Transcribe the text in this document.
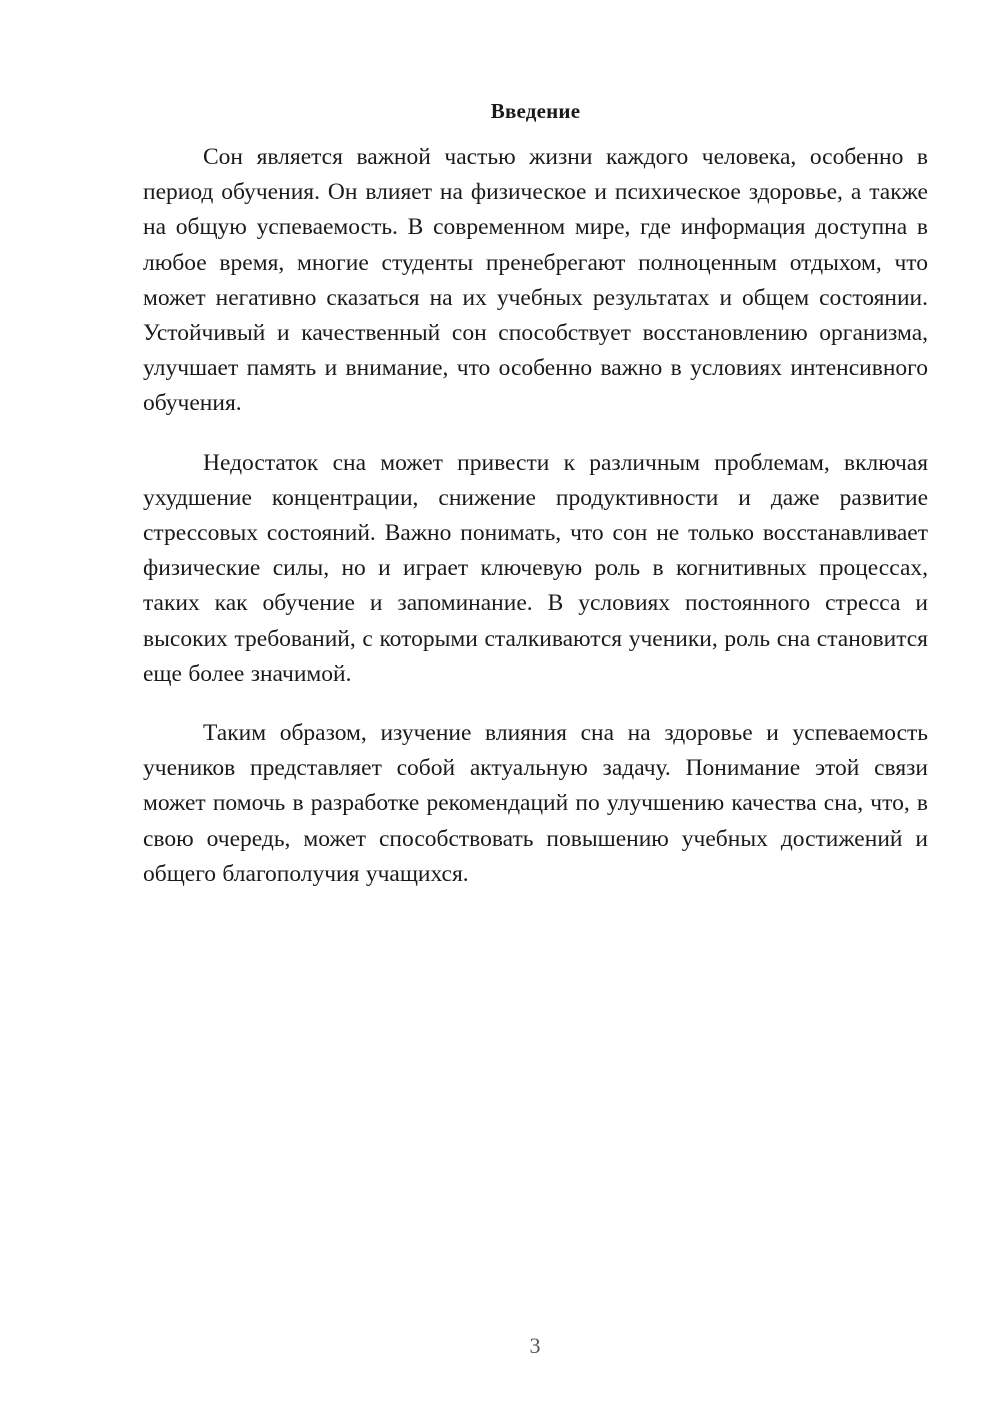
Введение

Сон является важной частью жизни каждого человека, особенно в период обучения. Он влияет на физическое и психическое здоровье, а также на общую успеваемость. В современном мире, где информация доступна в любое время, многие студенты пренебрегают полноценным отдыхом, что может негативно сказаться на их учебных результатах и общем состоянии. Устойчивый и качественный сон способствует восстановлению организма, улучшает память и внимание, что особенно важно в условиях интенсивного обучения.

Недостаток сна может привести к различным проблемам, включая ухудшение концентрации, снижение продуктивности и даже развитие стрессовых состояний. Важно понимать, что сон не только восстанавливает физические силы, но и играет ключевую роль в когнитивных процессах, таких как обучение и запоминание. В условиях постоянного стресса и высоких требований, с которыми сталкиваются ученики, роль сна становится еще более значимой.

Таким образом, изучение влияния сна на здоровье и успеваемость учеников представляет собой актуальную задачу. Понимание этой связи может помочь в разработке рекомендаций по улучшению качества сна, что, в свою очередь, может способствовать повышению учебных достижений и общего благополучия учащихся.

3
